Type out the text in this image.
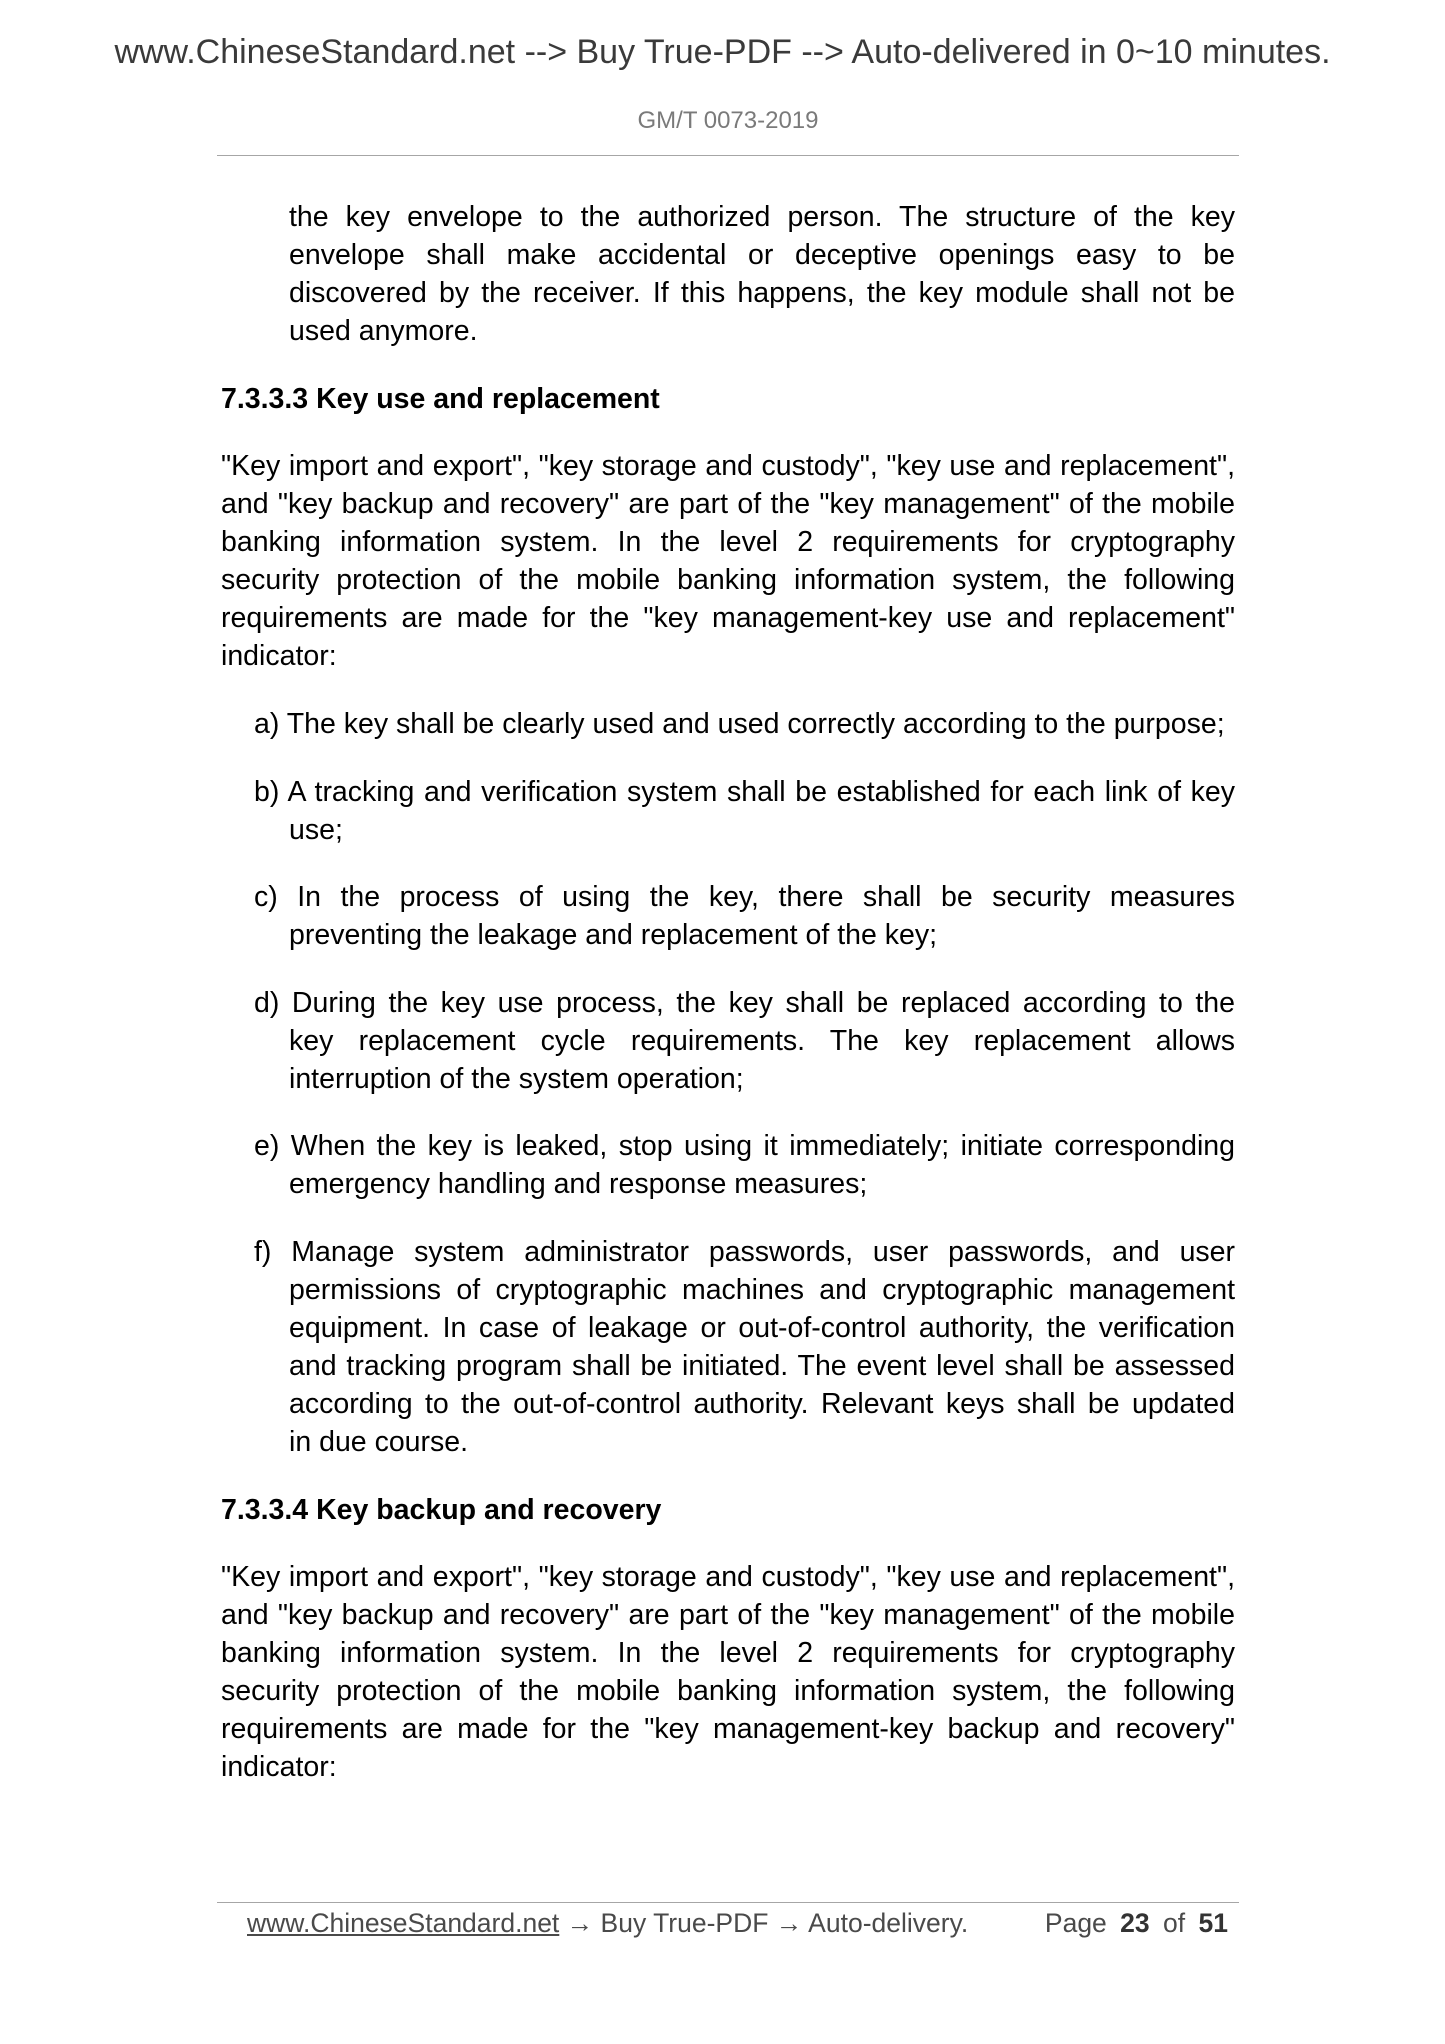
www.ChineseStandard.net --> Buy True-PDF --> Auto-delivered in 0~10 minutes.
GM/T 0073-2019
the key envelope to the authorized person. The structure of the key
envelope shall make accidental or deceptive openings easy to be
discovered by the receiver. If this happens, the key module shall not be
used anymore.
7.3.3.3 Key use and replacement
"Key import and export", "key storage and custody", "key use and replacement",
and "key backup and recovery" are part of the "key management" of the mobile
banking information system. In the level 2 requirements for cryptography
security protection of the mobile banking information system, the following
requirements are made for the "key management-key use and replacement"
indicator:
a) The key shall be clearly used and used correctly according to the purpose;
b) A tracking and verification system shall be established for each link of key
use;
c) In the process of using the key, there shall be security measures
preventing the leakage and replacement of the key;
d) During the key use process, the key shall be replaced according to the
key replacement cycle requirements. The key replacement allows
interruption of the system operation;
e) When the key is leaked, stop using it immediately; initiate corresponding
emergency handling and response measures;
f) Manage system administrator passwords, user passwords, and user
permissions of cryptographic machines and cryptographic management
equipment. In case of leakage or out-of-control authority, the verification
and tracking program shall be initiated. The event level shall be assessed
according to the out-of-control authority. Relevant keys shall be updated
in due course.
7.3.3.4 Key backup and recovery
"Key import and export", "key storage and custody", "key use and replacement",
and "key backup and recovery" are part of the "key management" of the mobile
banking information system. In the level 2 requirements for cryptography
security protection of the mobile banking information system, the following
requirements are made for the "key management-key backup and recovery"
indicator:
www.ChineseStandard.net → Buy True-PDF → Auto-delivery.	Page 23 of 51
